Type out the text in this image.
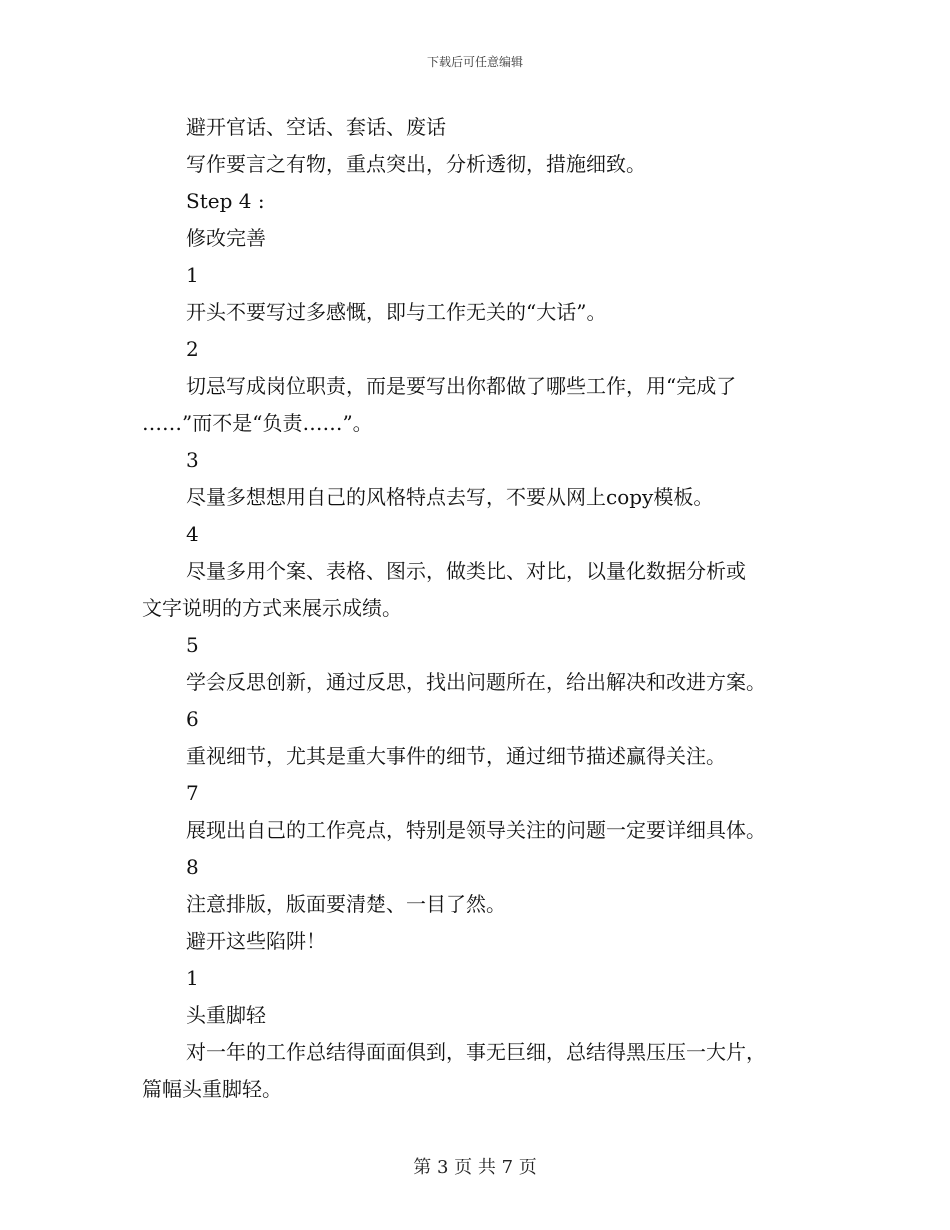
下载后可任意编辑
避开官话、空话、套话、废话
写作要言之有物，重点突出，分析透彻，措施细致。
Step 4 :
修改完善
1
开头不要写过多感慨，即与工作无关的“大话”。
2
切忌写成岗位职责，而是要写出你都做了哪些工作，用“完成了
……”而不是“负责……”。
3
尽量多想想用自己的风格特点去写，不要从网上copy模板。
4
尽量多用个案、表格、图示，做类比、对比，以量化数据分析或
文字说明的方式来展示成绩。
5
学会反思创新，通过反思，找出问题所在，给出解决和改进方案。
6
重视细节，尤其是重大事件的细节，通过细节描述赢得关注。
7
展现出自己的工作亮点，特别是领导关注的问题一定要详细具体。
8
注意排版，版面要清楚、一目了然。
避开这些陷阱！
1
头重脚轻
对一年的工作总结得面面俱到，事无巨细，总结得黑压压一大片，
篇幅头重脚轻。
第 3 页 共 7 页
